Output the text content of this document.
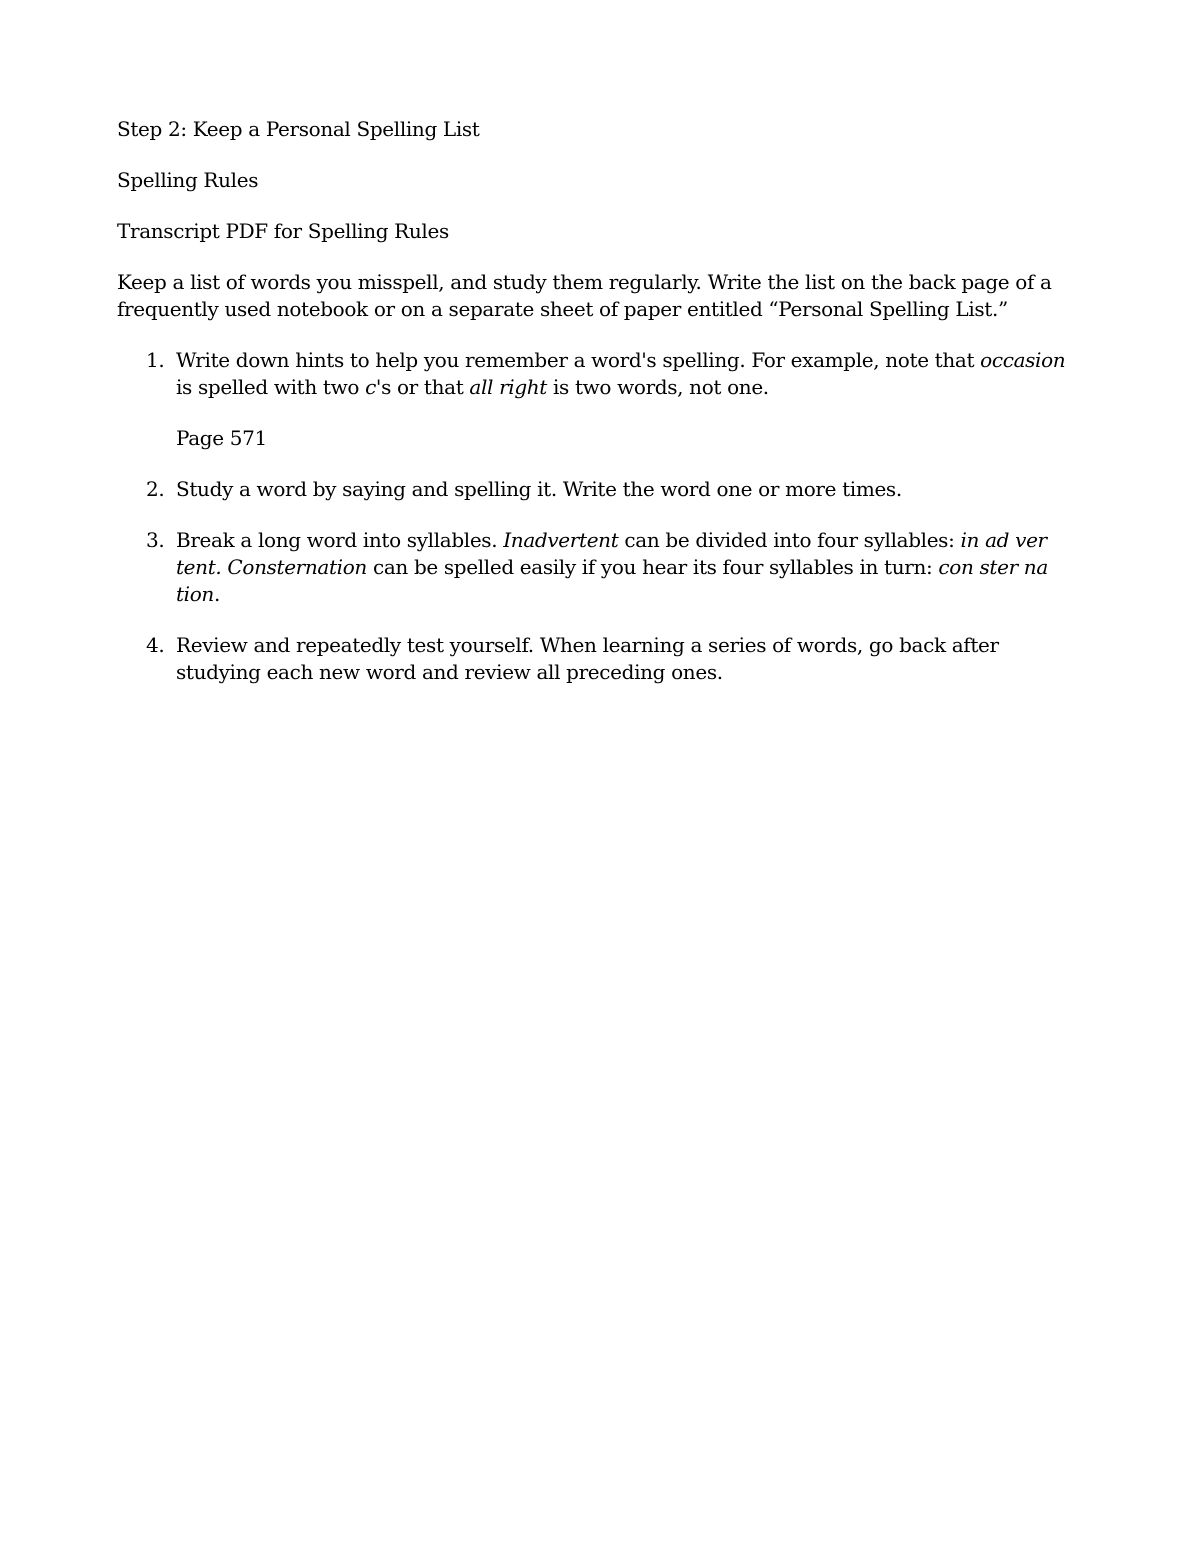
Step 2: Keep a Personal Spelling List

Spelling Rules

Transcript PDF for Spelling Rules

Keep a list of words you misspell, and study them regularly. Write the list on the back page of a frequently used notebook or on a separate sheet of paper entitled “Personal Spelling List.”

1. Write down hints to help you remember a word's spelling. For example, note that occasion is spelled with two c's or that all right is two words, not one.

Page 571

2. Study a word by saying and spelling it. Write the word one or more times.

3. Break a long word into syllables. Inadvertent can be divided into four syllables: in ad ver tent. Consternation can be spelled easily if you hear its four syllables in turn: con ster na tion.

4. Review and repeatedly test yourself. When learning a series of words, go back after studying each new word and review all preceding ones.
